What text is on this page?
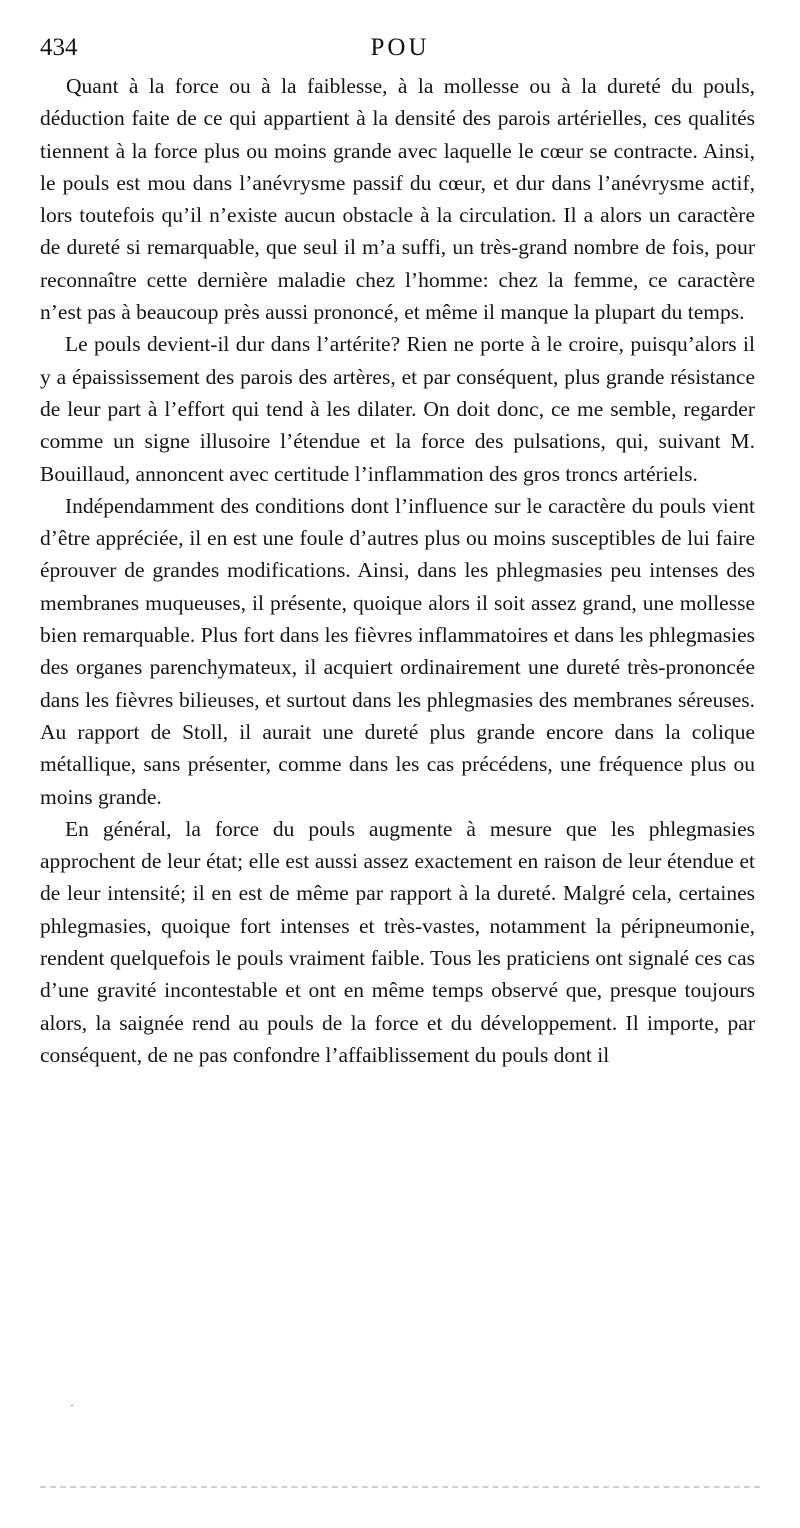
434	POU

Quant à la force ou à la faiblesse, à la mollesse ou à la dureté du pouls, déduction faite de ce qui appartient à la densité des parois artérielles, ces qualités tiennent à la force plus ou moins grande avec laquelle le cœur se contracte. Ainsi, le pouls est mou dans l’anévrysme passif du cœur, et dur dans l’anévrysme actif, lors toutefois qu’il n’existe aucun obstacle à la circulation. Il a alors un caractère de dureté si remarquable, que seul il m’a suffi, un très-grand nombre de fois, pour reconnaître cette dernière maladie chez l’homme: chez la femme, ce caractère n’est pas à beaucoup près aussi prononcé, et même il manque la plupart du temps.

Le pouls devient-il dur dans l’artérite? Rien ne porte à le croire, puisqu’alors il y a épaississement des parois des artères, et par conséquent, plus grande résistance de leur part à l’effort qui tend à les dilater. On doit donc, ce me semble, regarder comme un signe illusoire l’étendue et la force des pulsations, qui, suivant M. Bouillaud, annoncent avec certitude l’inflammation des gros troncs artériels.

Indépendamment des conditions dont l’influence sur le caractère du pouls vient d’être appréciée, il en est une foule d’autres plus ou moins susceptibles de lui faire éprouver de grandes modifications. Ainsi, dans les phlegmasies peu intenses des membranes muqueuses, il présente, quoique alors il soit assez grand, une mollesse bien remarquable. Plus fort dans les fièvres inflammatoires et dans les phlegmasies des organes parenchymateux, il acquiert ordinairement une dureté très-prononcée dans les fièvres bilieuses, et surtout dans les phlegmasies des membranes séreuses. Au rapport de Stoll, il aurait une dureté plus grande encore dans la colique métallique, sans présenter, comme dans les cas précédens, une fréquence plus ou moins grande.

En général, la force du pouls augmente à mesure que les phlegmasies approchent de leur état; elle est aussi assez exactement en raison de leur étendue et de leur intensité; il en est de même par rapport à la dureté. Malgré cela, certaines phlegmasies, quoique fort intenses et très-vastes, notamment la péripneumonie, rendent quelquefois le pouls vraiment faible. Tous les praticiens ont signalé ces cas d’une gravité incontestable et ont en même temps observé que, presque toujours alors, la saignée rend au pouls de la force et du développement. Il importe, par conséquent, de ne pas confondre l’affaiblissement du pouls dont il

·
